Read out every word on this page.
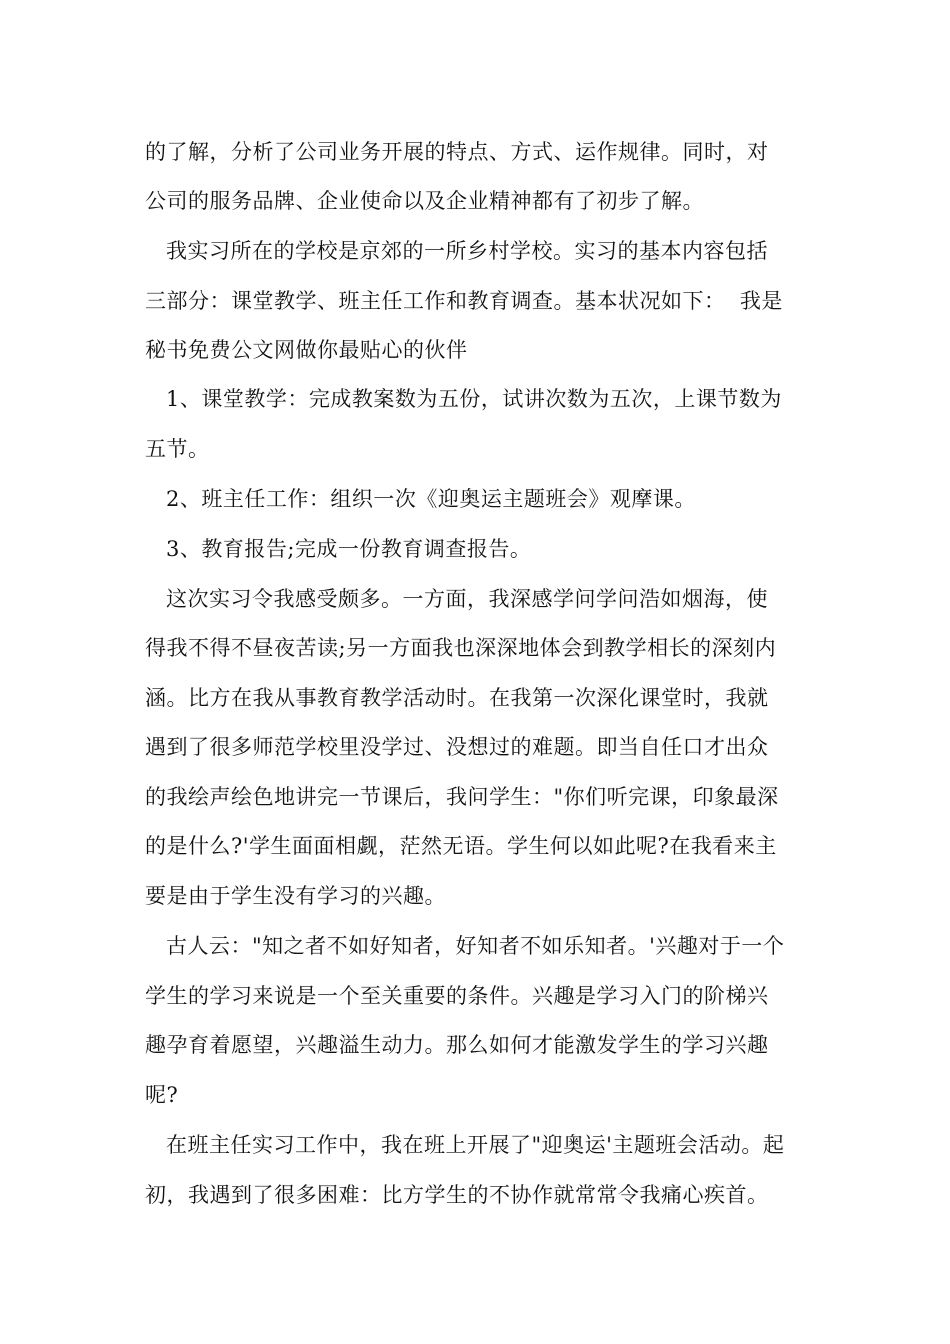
的了解，分析了公司业务开展的特点、方式、运作规律。同时，对
公司的服务品牌、企业使命以及企业精神都有了初步了解。
我实习所在的学校是京郊的一所乡村学校。实习的基本内容包括
三部分：课堂教学、班主任工作和教育调查。基本状况如下：  我是
秘书免费公文网做你最贴心的伙伴
1、课堂教学：完成教案数为五份，试讲次数为五次，上课节数为
五节。
2、班主任工作：组织一次《迎奥运主题班会》观摩课。
3、教育报告;完成一份教育调查报告。
这次实习令我感受颇多。一方面，我深感学问学问浩如烟海，使
得我不得不昼夜苦读;另一方面我也深深地体会到教学相长的深刻内
涵。比方在我从事教育教学活动时。在我第一次深化课堂时，我就
遇到了很多师范学校里没学过、没想过的难题。即当自任口才出众
的我绘声绘色地讲完一节课后，我问学生："你们听完课，印象最深
的是什么?'学生面面相觑，茫然无语。学生何以如此呢?在我看来主
要是由于学生没有学习的兴趣。
古人云："知之者不如好知者，好知者不如乐知者。'兴趣对于一个
学生的学习来说是一个至关重要的条件。兴趣是学习入门的阶梯兴
趣孕育着愿望，兴趣溢生动力。那么如何才能激发学生的学习兴趣
呢?
在班主任实习工作中，我在班上开展了"迎奥运'主题班会活动。起
初，我遇到了很多困难：比方学生的不协作就常常令我痛心疾首。
